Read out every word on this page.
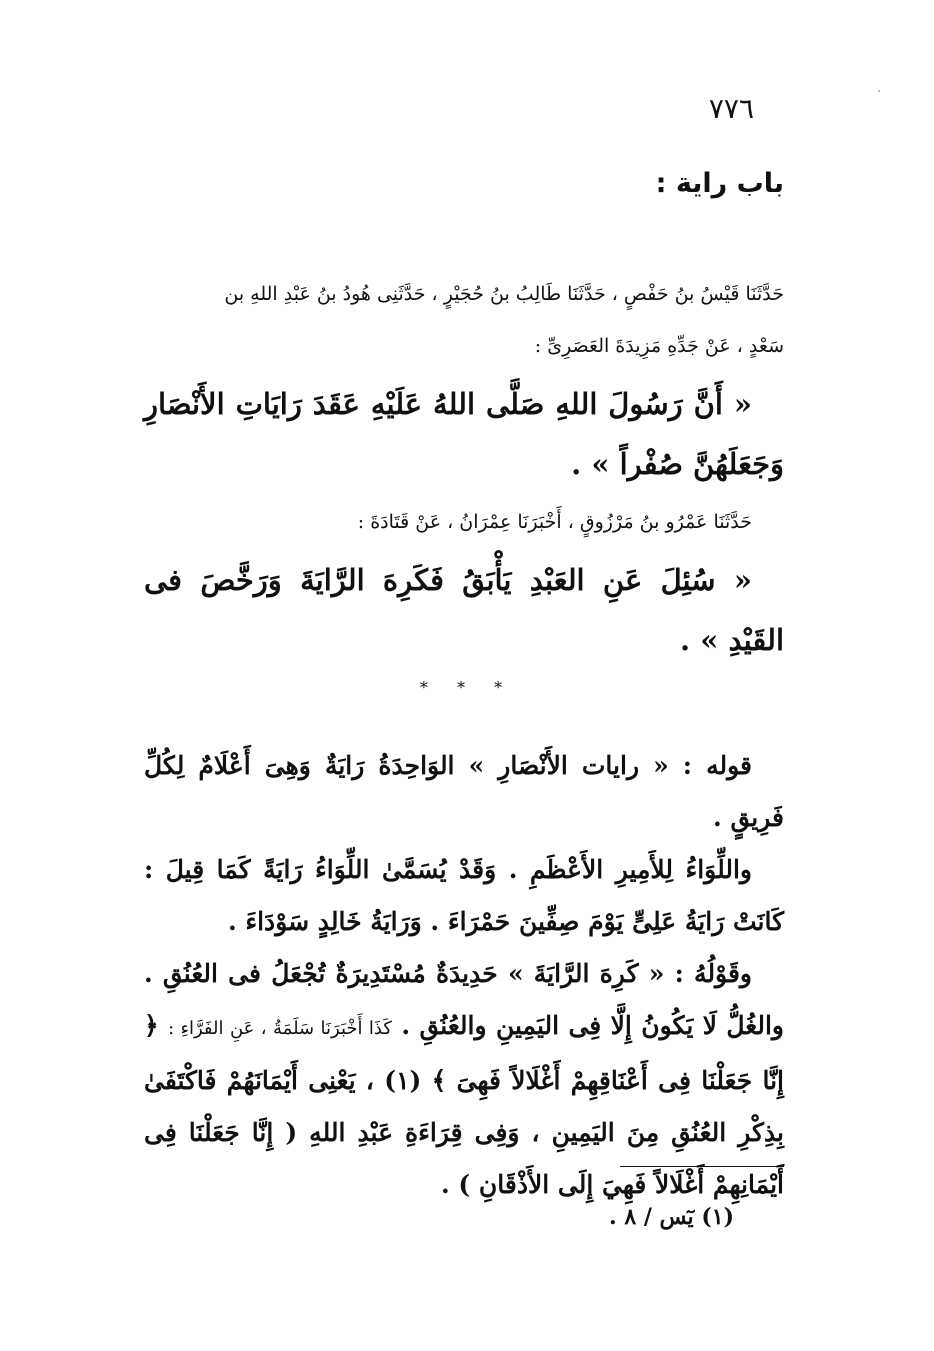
٧٧٦
باب راية :

حَدَّثَنَا قَيْسُ بنُ حَفْصٍ ، حَدَّثَنَا طَالِبُ بنُ حُجَيْرٍ ، حَدَّثَنِى هُودُ بنُ عَبْدِ اللهِ بن

سَعْدٍ ، عَنْ جَدِّهِ مَزِيدَةَ العَصَرِىِّ :

« أَنَّ رَسُولَ اللهِ صَلَّى اللهُ عَلَيْهِ عَقَدَ رَايَاتِ الأَنْصَارِ وَجَعَلَهُنَّ صُفْراً » .

حَدَّثَنَا عَمْرُو بنُ مَرْزُوقٍ ، أَخْبَرَنَا عِمْرَانُ ، عَنْ قَتَادَةَ :

« سُئِلَ عَنِ العَبْدِ يَأْبَقُ فَكَرِهَ الرَّايَةَ وَرَخَّصَ فى القَيْدِ » .

* * *

قوله : « رايات الأَنْصَارِ » الوَاحِدَةُ رَايَةٌ وَهِىَ أَعْلَامٌ لِكُلِّ فَرِيقٍ .

واللِّوَاءُ لِلأَمِيرِ الأَعْظَمِ . وَقَدْ يُسَمَّىٰ اللِّوَاءُ رَايَةً كَمَا قِيلَ : كَانَتْ رَايَةُ عَلِىٍّ يَوْمَ صِفِّينَ حَمْرَاءَ . وَرَايَةُ خَالِدٍ سَوْدَاءَ .

وقَوْلُهُ : « كَرِهَ الرَّايَةَ » حَدِيدَةٌ مُسْتَدِيرَةٌ تُجْعَلُ فى العُنُقِ . والغُلُّ لَا يَكُونُ إِلَّا فِى اليَمِينِ والعُنُقِ . كَذَا أَخْبَرَنَا سَلَمَةُ ، عَنِ الفَرَّاءِ : ﴿ إِنَّا جَعَلْنَا فِى أَعْنَاقِهِمْ أَغْلَالاً فَهِىَ ﴾ (١) ، يَعْنِى أَيْمَانَهُمْ فَاكْتَفَىٰ بِذِكْرِ العُنُقِ مِنَ اليَمِينِ ، وَفِى قِرَاءَةِ عَبْدِ اللهِ ( إِنَّا جَعَلْنَا فِى أَيْمَانِهِمْ أَغْلَالاً فَهِيَ إِلَى الأَذْقَانِ ) .

(١) يٓس / ٨ .
